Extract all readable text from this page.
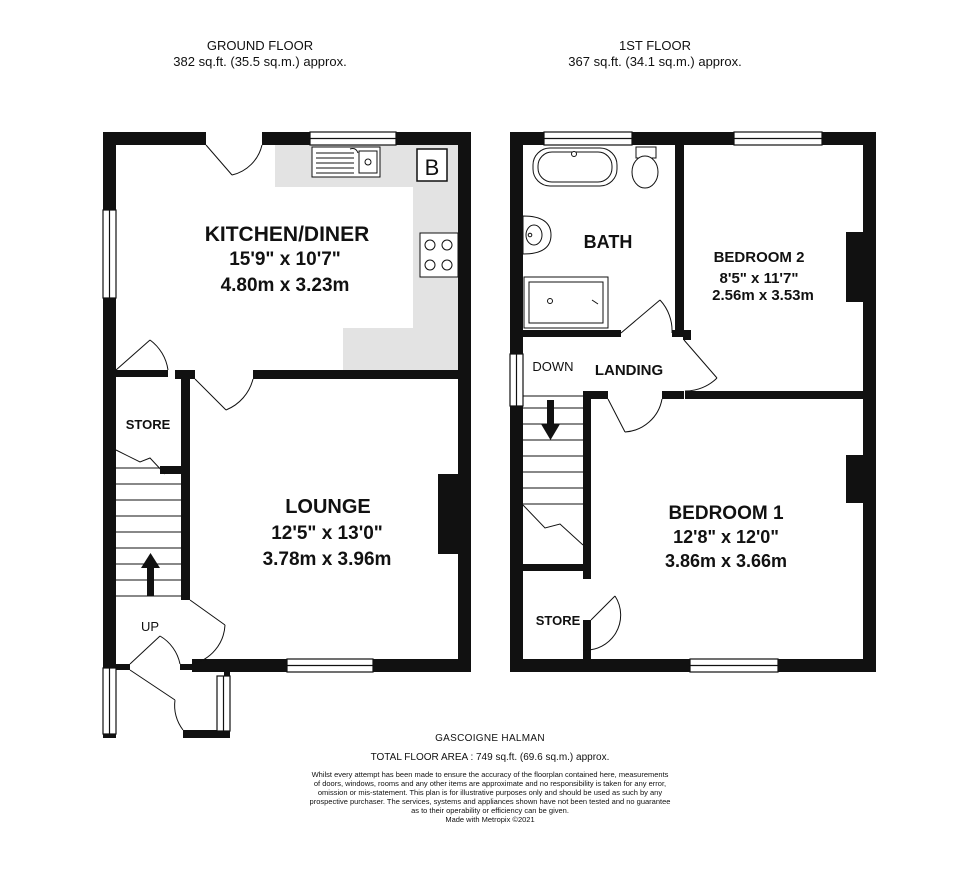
GROUND FLOOR
382 sq.ft. (35.5 sq.m.) approx.
1ST FLOOR
367 sq.ft. (34.1 sq.m.) approx.
B
KITCHEN/DINER
15'9" x 10'7"
4.80m x 3.23m
LOUNGE
12'5" x 13'0"
3.78m x 3.96m
STORE
UP
BATH
BEDROOM 2
8'5" x 11'7"
2.56m x 3.53m
BEDROOM 1
12'8" x 12'0"
3.86m x 3.66m
LANDING
DOWN
STORE
GASCOIGNE HALMAN
TOTAL FLOOR AREA : 749 sq.ft. (69.6 sq.m.) approx.
Whilst every attempt has been made to ensure the accuracy of the floorplan contained here, measurements
of doors, windows, rooms and any other items are approximate and no responsibility is taken for any error,
omission or mis-statement. This plan is for illustrative purposes only and should be used as such by any
prospective purchaser. The services, systems and appliances shown have not been tested and no guarantee
as to their operability or efficiency can be given.
Made with Metropix ©2021
